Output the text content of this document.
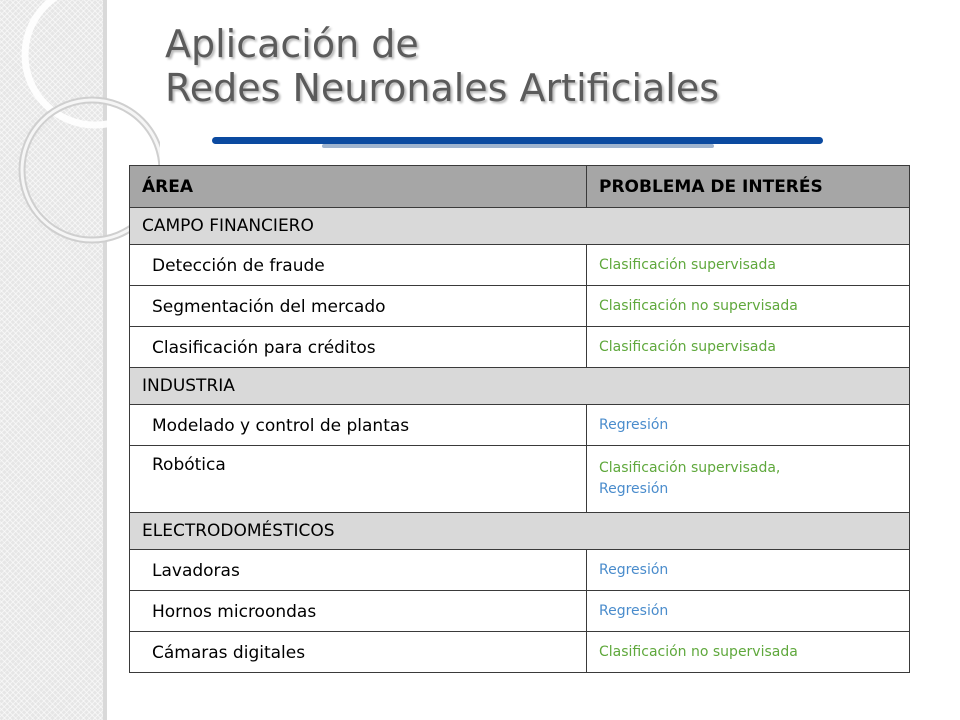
Aplicación de
Redes Neuronales Artificiales
ÁREA	PROBLEMA DE INTERÉS
CAMPO FINANCIERO	
Detección de fraude	Clasificación supervisada
Segmentación del mercado	Clasificación no supervisada
Clasificación para créditos	Clasificación supervisada
INDUSTRIA	
Modelado y control de plantas	Regresión
Robótica	Clasificación supervisada,
Regresión
ELECTRODOMÉSTICOS	
Lavadoras	Regresión
Hornos microondas	Regresión
Cámaras digitales	Clasificación no supervisada
